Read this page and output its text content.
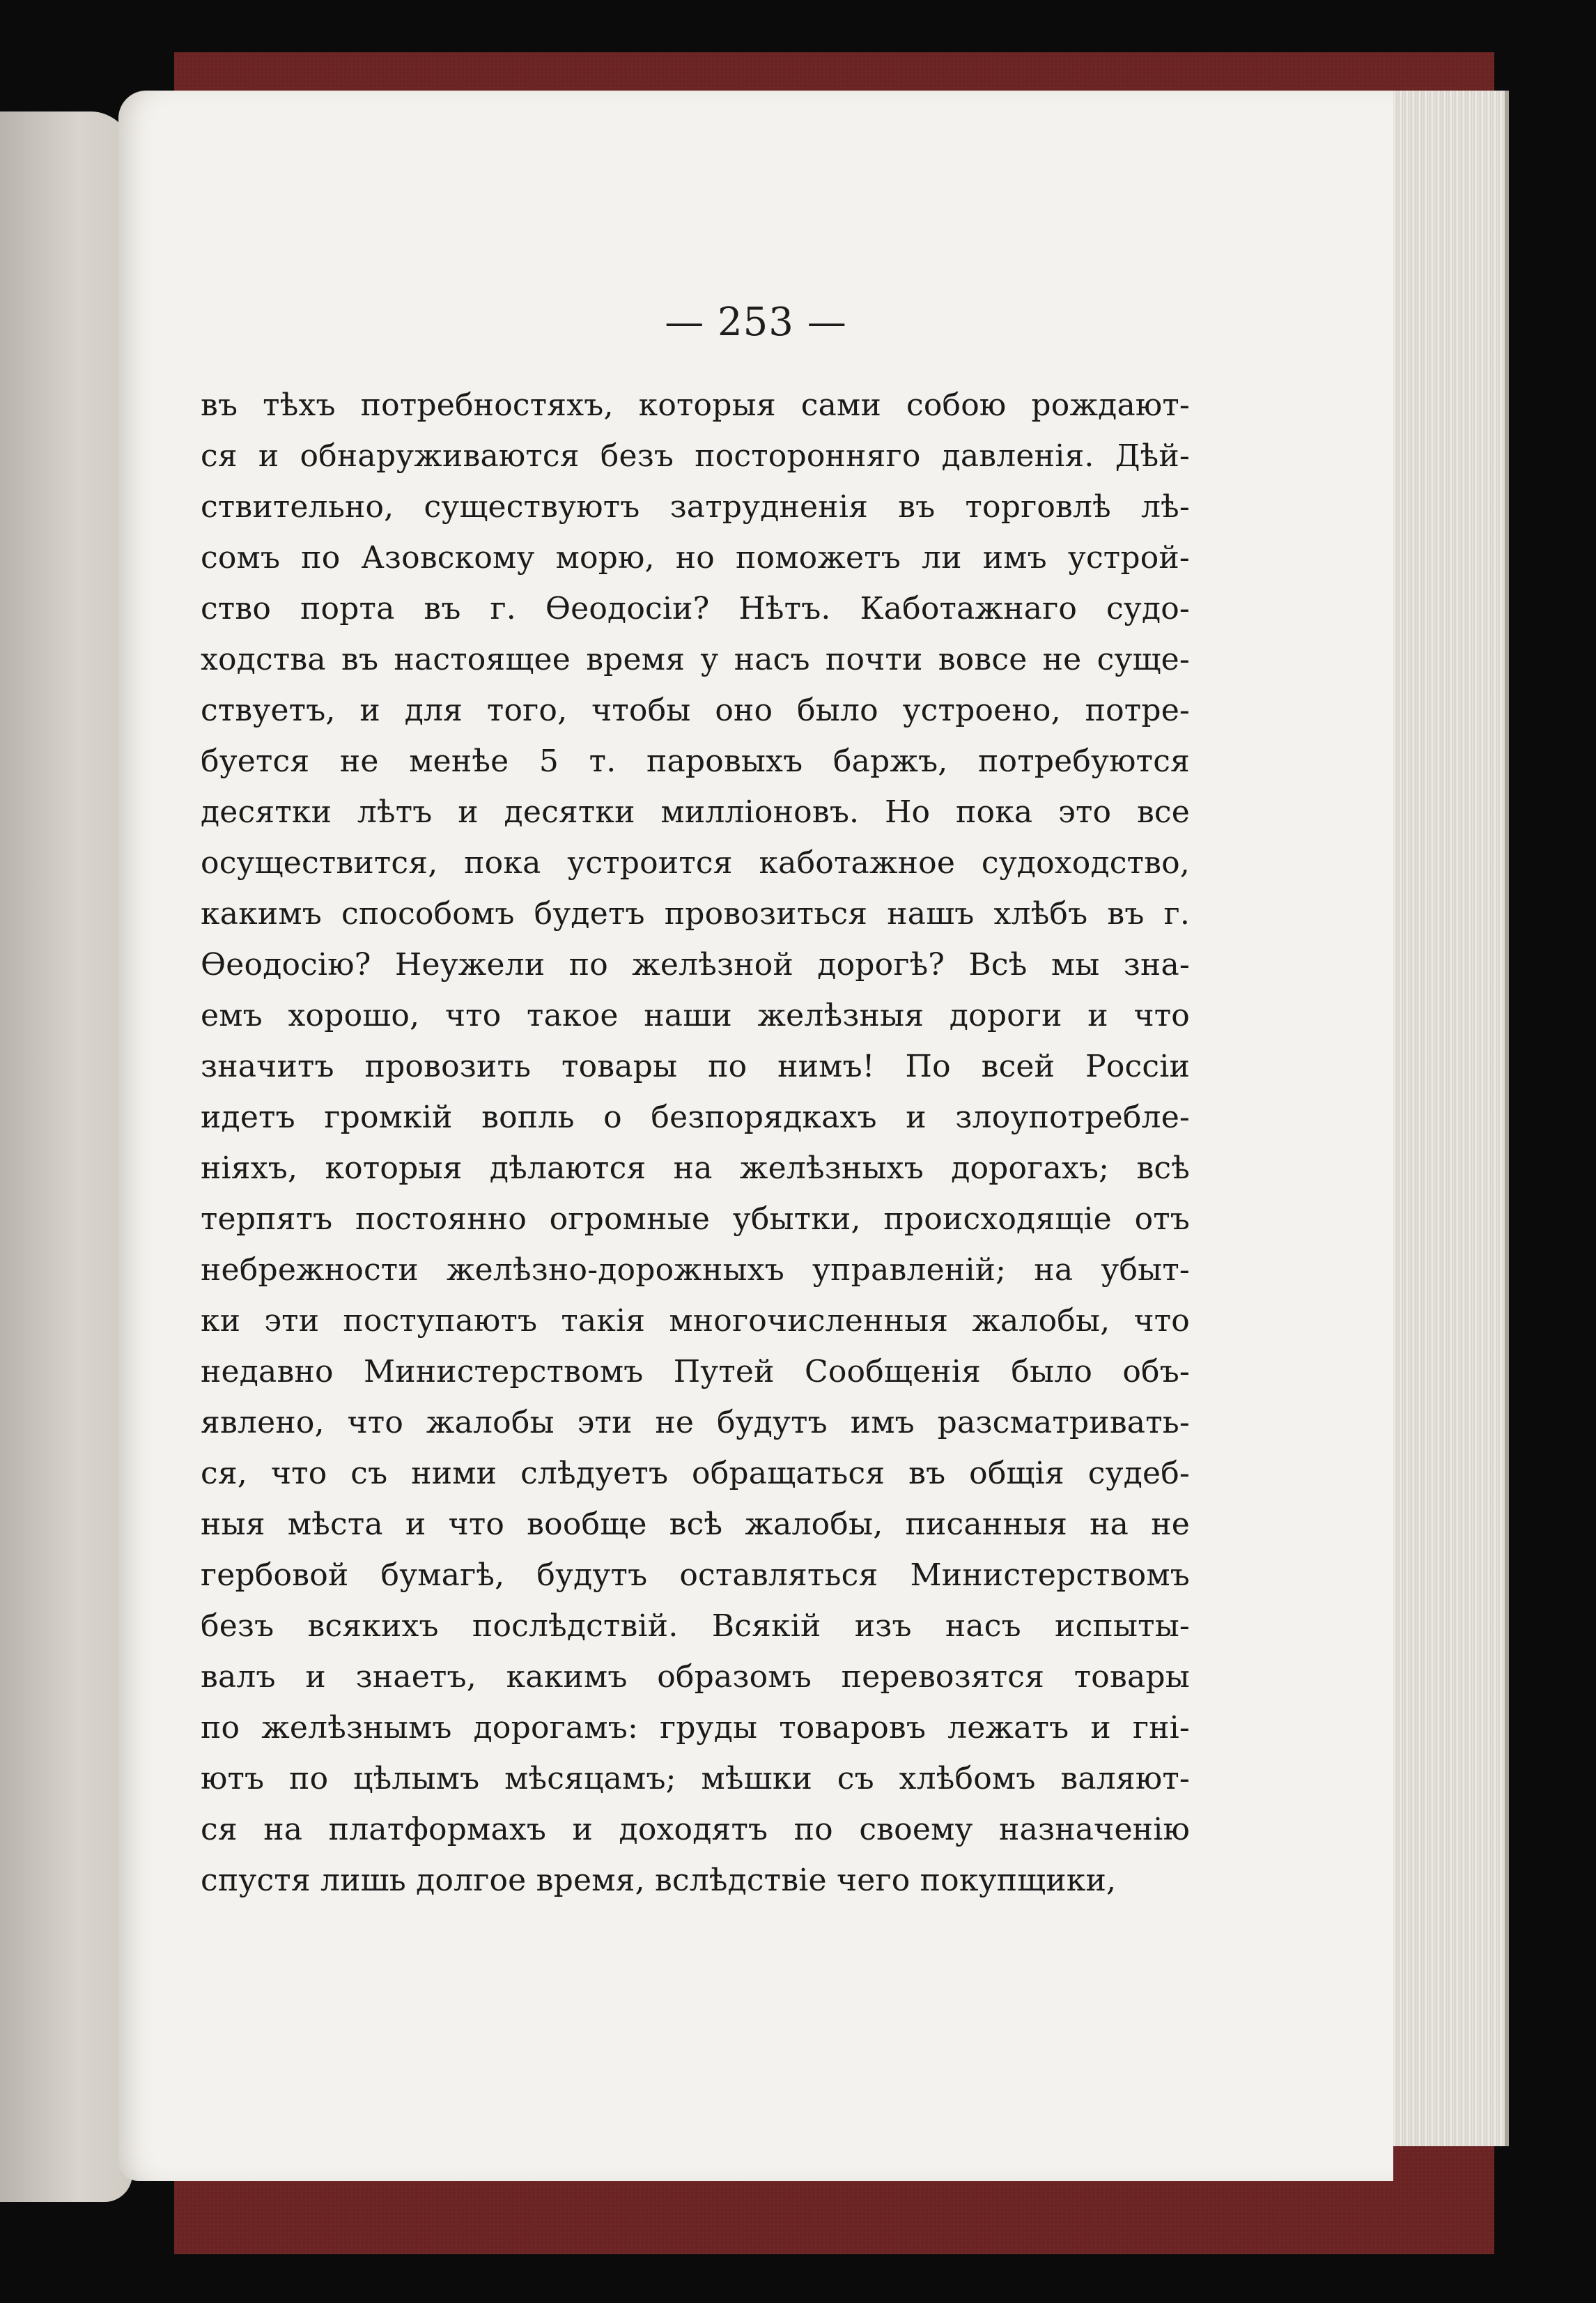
— 253 —
въ тѣхъ потребностяхъ, которыя сами собою рождают-
ся и обнаруживаются безъ посторонняго давленія. Дѣй-
ствительно, существуютъ затрудненія въ торговлѣ лѣ-
сомъ по Азовскому морю, но поможетъ ли имъ устрой-
ство порта въ г. Ѳеодосіи? Нѣтъ. Каботажнаго судо-
ходства въ настоящее время у насъ почти вовсе не суще-
ствуетъ, и для того, чтобы оно было устроено, потре-
буется не менѣе 5 т. паровыхъ баржъ, потребуются
десятки лѣтъ и десятки милліоновъ. Но пока это все
осуществится, пока устроится каботажное судоходство,
какимъ способомъ будетъ провозиться нашъ хлѣбъ въ г.
Ѳеодосію? Неужели по желѣзной дорогѣ? Всѣ мы зна-
емъ хорошо, что такое наши желѣзныя дороги и что
значитъ провозить товары по нимъ! По всей Россіи
идетъ громкій вопль о безпорядкахъ и злоупотребле-
ніяхъ, которыя дѣлаются на желѣзныхъ дорогахъ; всѣ
терпятъ постоянно огромные убытки, происходящіе отъ
небрежности желѣзно-дорожныхъ управленій; на убыт-
ки эти поступаютъ такія многочисленныя жалобы, что
недавно Министерствомъ Путей Сообщенія было объ-
явлено, что жалобы эти не будутъ имъ разсматривать-
ся, что съ ними слѣдуетъ обращаться въ общія судеб-
ныя мѣста и что вообще всѣ жалобы, писанныя на не
гербовой бумагѣ, будутъ оставляться Министерствомъ
безъ всякихъ послѣдствій. Всякій изъ насъ испыты-
валъ и знаетъ, какимъ образомъ перевозятся товары
по желѣзнымъ дорогамъ: груды товаровъ лежатъ и гні-
ютъ по цѣлымъ мѣсяцамъ; мѣшки съ хлѣбомъ валяют-
ся на платформахъ и доходятъ по своему назначенію
спустя лишь долгое время, вслѣдствіе чего покупщики,
